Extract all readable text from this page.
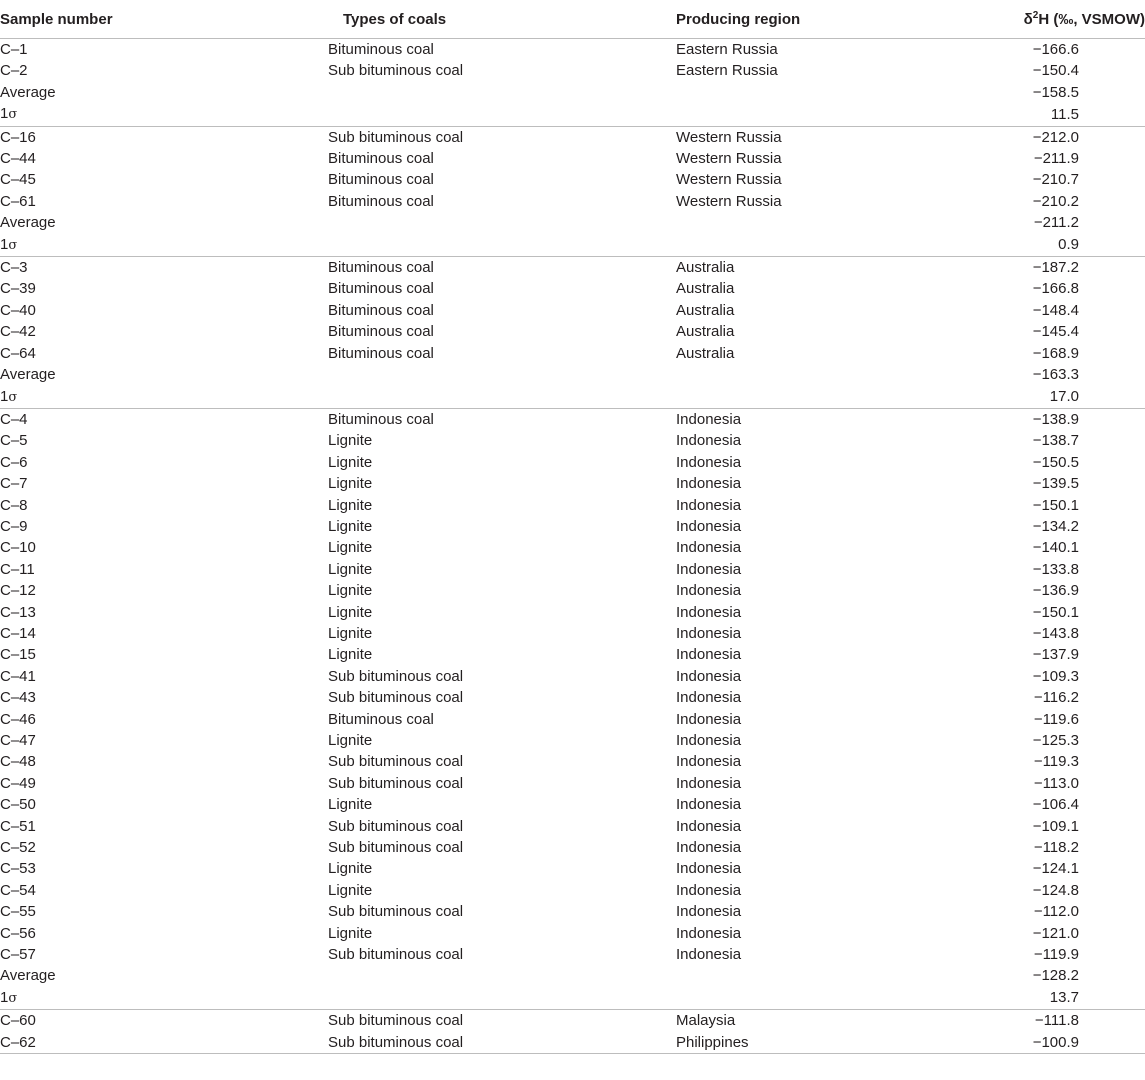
Sample number	Types of coals	Producing region	$\delta^2H$ (‰, VSMOW)
C–1	Bituminous coal	Eastern Russia	−166.6
C–2	Sub bituminous coal	Eastern Russia	−150.4
Average			−158.5
1σ			11.5
C–16	Sub bituminous coal	Western Russia	−212.0
C–44	Bituminous coal	Western Russia	−211.9
C–45	Bituminous coal	Western Russia	−210.7
C–61	Bituminous coal	Western Russia	−210.2
Average			−211.2
1σ			0.9
C–3	Bituminous coal	Australia	−187.2
C–39	Bituminous coal	Australia	−166.8
C–40	Bituminous coal	Australia	−148.4
C–42	Bituminous coal	Australia	−145.4
C–64	Bituminous coal	Australia	−168.9
Average			−163.3
1σ			17.0
C–4	Bituminous coal	Indonesia	−138.9
C–5	Lignite	Indonesia	−138.7
C–6	Lignite	Indonesia	−150.5
C–7	Lignite	Indonesia	−139.5
C–8	Lignite	Indonesia	−150.1
C–9	Lignite	Indonesia	−134.2
C–10	Lignite	Indonesia	−140.1
C–11	Lignite	Indonesia	−133.8
C–12	Lignite	Indonesia	−136.9
C–13	Lignite	Indonesia	−150.1
C–14	Lignite	Indonesia	−143.8
C–15	Lignite	Indonesia	−137.9
C–41	Sub bituminous coal	Indonesia	−109.3
C–43	Sub bituminous coal	Indonesia	−116.2
C–46	Bituminous coal	Indonesia	−119.6
C–47	Lignite	Indonesia	−125.3
C–48	Sub bituminous coal	Indonesia	−119.3
C–49	Sub bituminous coal	Indonesia	−113.0
C–50	Lignite	Indonesia	−106.4
C–51	Sub bituminous coal	Indonesia	−109.1
C–52	Sub bituminous coal	Indonesia	−118.2
C–53	Lignite	Indonesia	−124.1
C–54	Lignite	Indonesia	−124.8
C–55	Sub bituminous coal	Indonesia	−112.0
C–56	Lignite	Indonesia	−121.0
C–57	Sub bituminous coal	Indonesia	−119.9
Average			−128.2
1σ			13.7
C–60	Sub bituminous coal	Malaysia	−111.8
C–62	Sub bituminous coal	Philippines	−100.9
